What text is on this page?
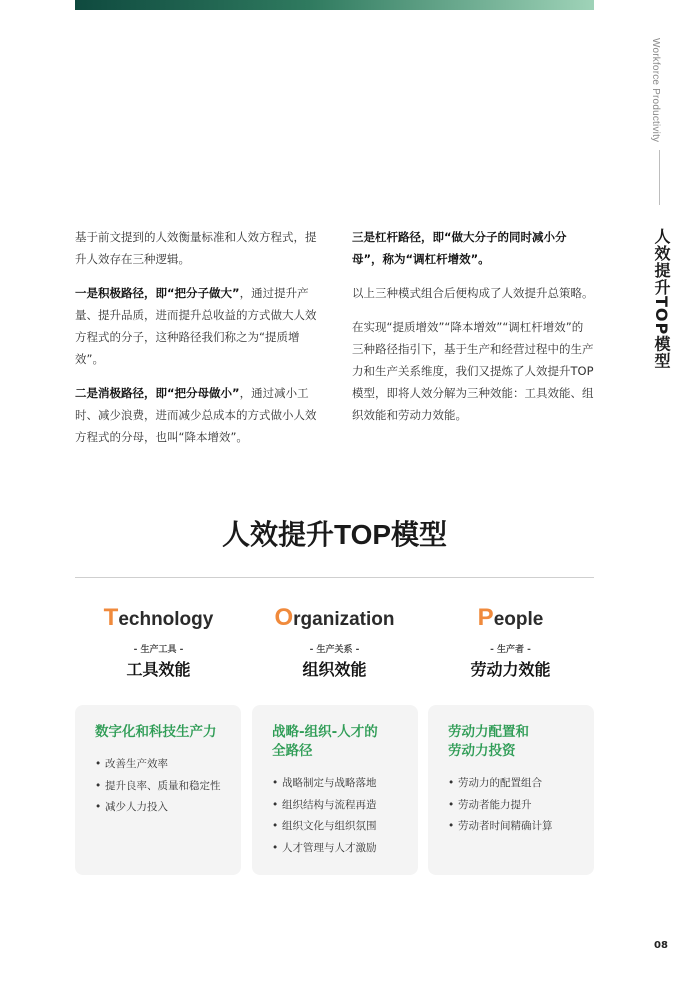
Workforce Productivity
人效提升TOP模型

基于前文提到的人效衡量标准和人效方程式，提升人效存在三种逻辑。

一是积极路径，即“把分子做大”，通过提升产量、提升品质，进而提升总收益的方式做大人效方程式的分子，这种路径我们称之为“提质增效”。

二是消极路径，即“把分母做小”，通过减小工时、减少浪费，进而减少总成本的方式做小人效方程式的分母，也叫“降本增效”。

三是杠杆路径，即“做大分子的同时减小分母”，称为“调杠杆增效”。

以上三种模式组合后便构成了人效提升总策略。

在实现“提质增效”“降本增效”“调杠杆增效”的三种路径指引下，基于生产和经营过程中的生产力和生产关系维度，我们又提炼了人效提升TOP模型，即将人效分解为三种效能：工具效能、组织效能和劳动力效能。

人效提升TOP模型
Technology
- 生产工具 -
工具效能
Organization
- 生产关系 -
组织效能
People
- 生产者 -
劳动力效能
数字化和科技生产力
• 改善生产效率
• 提升良率、质量和稳定性
• 减少人力投入
战略-组织-人才的
全路径
• 战略制定与战略落地
• 组织结构与流程再造
• 组织文化与组织氛围
• 人才管理与人才激励
劳动力配置和
劳动力投资
• 劳动力的配置组合
• 劳动者能力提升
• 劳动者时间精确计算
08
